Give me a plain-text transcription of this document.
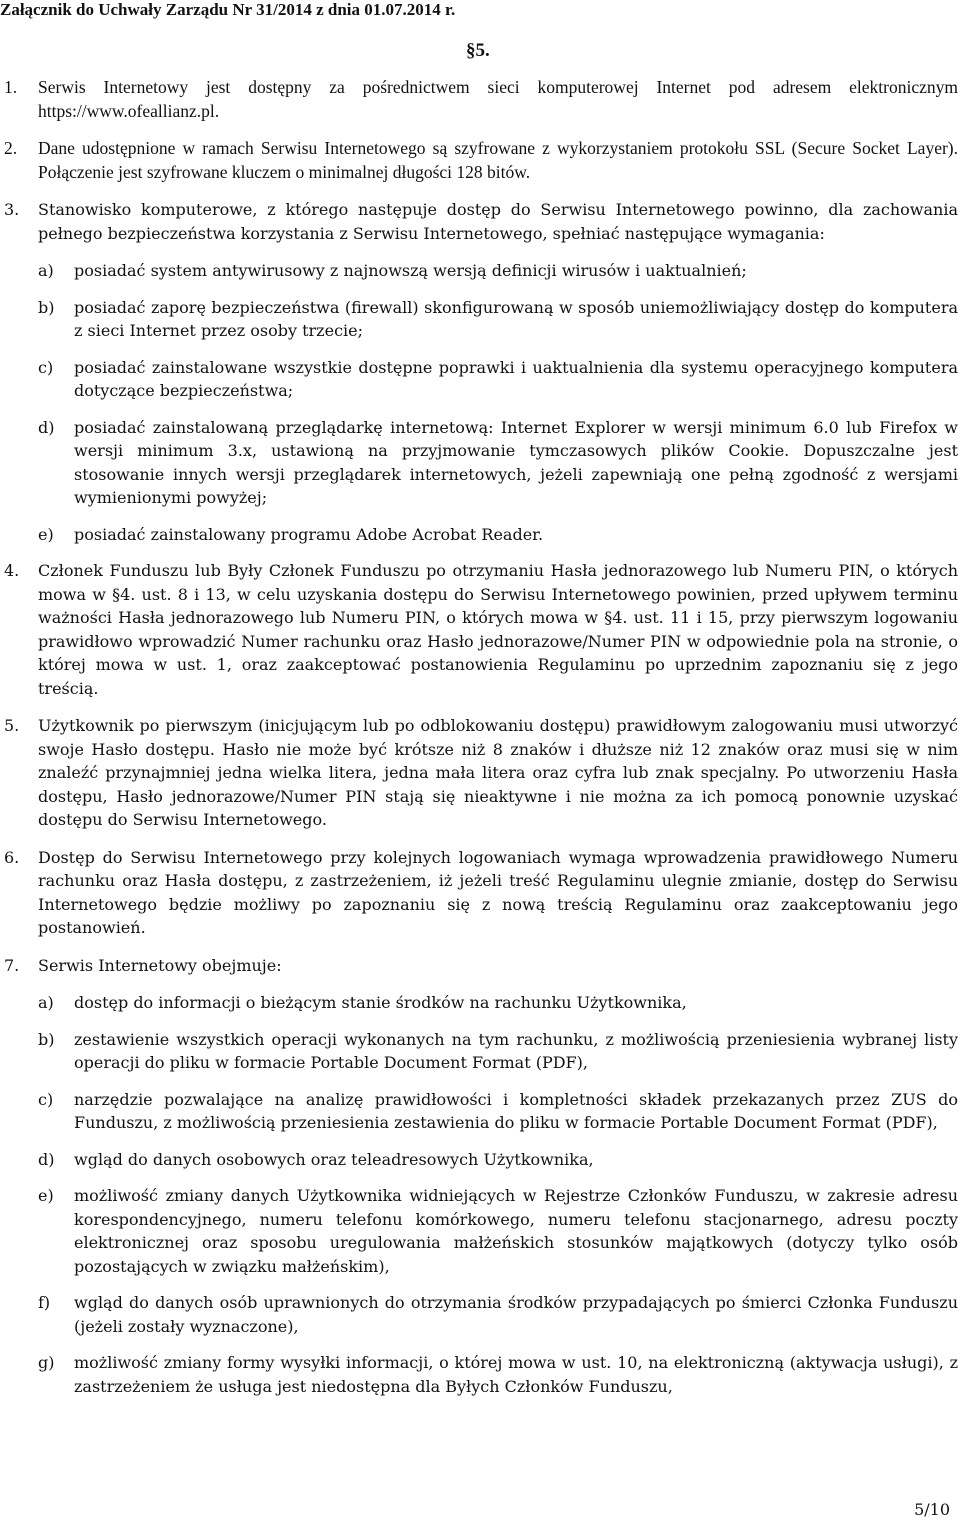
Załącznik do Uchwały Zarządu Nr 31/2014 z dnia 01.07.2014 r.
§5.
1. Serwis Internetowy jest dostępny za pośrednictwem sieci komputerowej Internet pod adresem elektronicznym https://www.ofeallianz.pl.
2. Dane udostępnione w ramach Serwisu Internetowego są szyfrowane z wykorzystaniem protokołu SSL (Secure Socket Layer). Połączenie jest szyfrowane kluczem o minimalnej długości 128 bitów.
3. Stanowisko komputerowe, z którego następuje dostęp do Serwisu Internetowego powinno, dla zachowania pełnego bezpieczeństwa korzystania z Serwisu Internetowego, spełniać następujące wymagania:
a) posiadać system antywirusowy z najnowszą wersją definicji wirusów i uaktualnień;
b) posiadać zaporę bezpieczeństwa (firewall) skonfigurowaną w sposób uniemożliwiający dostęp do komputera z sieci Internet przez osoby trzecie;
c) posiadać zainstalowane wszystkie dostępne poprawki i uaktualnienia dla systemu operacyjnego komputera dotyczące bezpieczeństwa;
d) posiadać zainstalowaną przeglądarkę internetową: Internet Explorer w wersji minimum 6.0 lub Firefox w wersji minimum 3.x, ustawioną na przyjmowanie tymczasowych plików Cookie. Dopuszczalne jest stosowanie innych wersji przeglądarek internetowych, jeżeli zapewniają one pełną zgodność z wersjami wymienionymi powyżej;
e) posiadać zainstalowany programu Adobe Acrobat Reader.
4. Członek Funduszu lub Były Członek Funduszu po otrzymaniu Hasła jednorazowego lub Numeru PIN, o których mowa w §4. ust. 8 i 13, w celu uzyskania dostępu do Serwisu Internetowego powinien, przed upływem terminu ważności Hasła jednorazowego lub Numeru PIN, o których mowa w §4. ust. 11 i 15, przy pierwszym logowaniu prawidłowo wprowadzić Numer rachunku oraz Hasło jednorazowe/Numer PIN w odpowiednie pola na stronie, o której mowa w ust. 1, oraz zaakceptować postanowienia Regulaminu po uprzednim zapoznaniu się z jego treścią.
5. Użytkownik po pierwszym (inicjującym lub po odblokowaniu dostępu) prawidłowym zalogowaniu musi utworzyć swoje Hasło dostępu. Hasło nie może być krótsze niż 8 znaków i dłuższe niż 12 znaków oraz musi się w nim znaleźć przynajmniej jedna wielka litera, jedna mała litera oraz cyfra lub znak specjalny. Po utworzeniu Hasła dostępu, Hasło jednorazowe/Numer PIN stają się nieaktywne i nie można za ich pomocą ponownie uzyskać dostępu do Serwisu Internetowego.
6. Dostęp do Serwisu Internetowego przy kolejnych logowaniach wymaga wprowadzenia prawidłowego Numeru rachunku oraz Hasła dostępu, z zastrzeżeniem, iż jeżeli treść Regulaminu ulegnie zmianie, dostęp do Serwisu Internetowego będzie możliwy po zapoznaniu się z nową treścią Regulaminu oraz zaakceptowaniu jego postanowień.
7. Serwis Internetowy obejmuje:
a) dostęp do informacji o bieżącym stanie środków na rachunku Użytkownika,
b) zestawienie wszystkich operacji wykonanych na tym rachunku, z możliwością przeniesienia wybranej listy operacji do pliku w formacie Portable Document Format (PDF),
c) narzędzie pozwalające na analizę prawidłowości i kompletności składek przekazanych przez ZUS do Funduszu, z możliwością przeniesienia zestawienia do pliku w formacie Portable Document Format (PDF),
d) wgląd do danych osobowych oraz teleadresowych Użytkownika,
e) możliwość zmiany danych Użytkownika widniejących w Rejestrze Członków Funduszu, w zakresie adresu korespondencyjnego, numeru telefonu komórkowego, numeru telefonu stacjonarnego, adresu poczty elektronicznej oraz sposobu uregulowania małżeńskich stosunków majątkowych (dotyczy tylko osób pozostających w związku małżeńskim),
f) wgląd do danych osób uprawnionych do otrzymania środków przypadających po śmierci Członka Funduszu (jeżeli zostały wyznaczone),
g) możliwość zmiany formy wysyłki informacji, o której mowa w ust. 10, na elektroniczną (aktywacja usługi), z zastrzeżeniem że usługa jest niedostępna dla Byłych Członków Funduszu,
5/10
